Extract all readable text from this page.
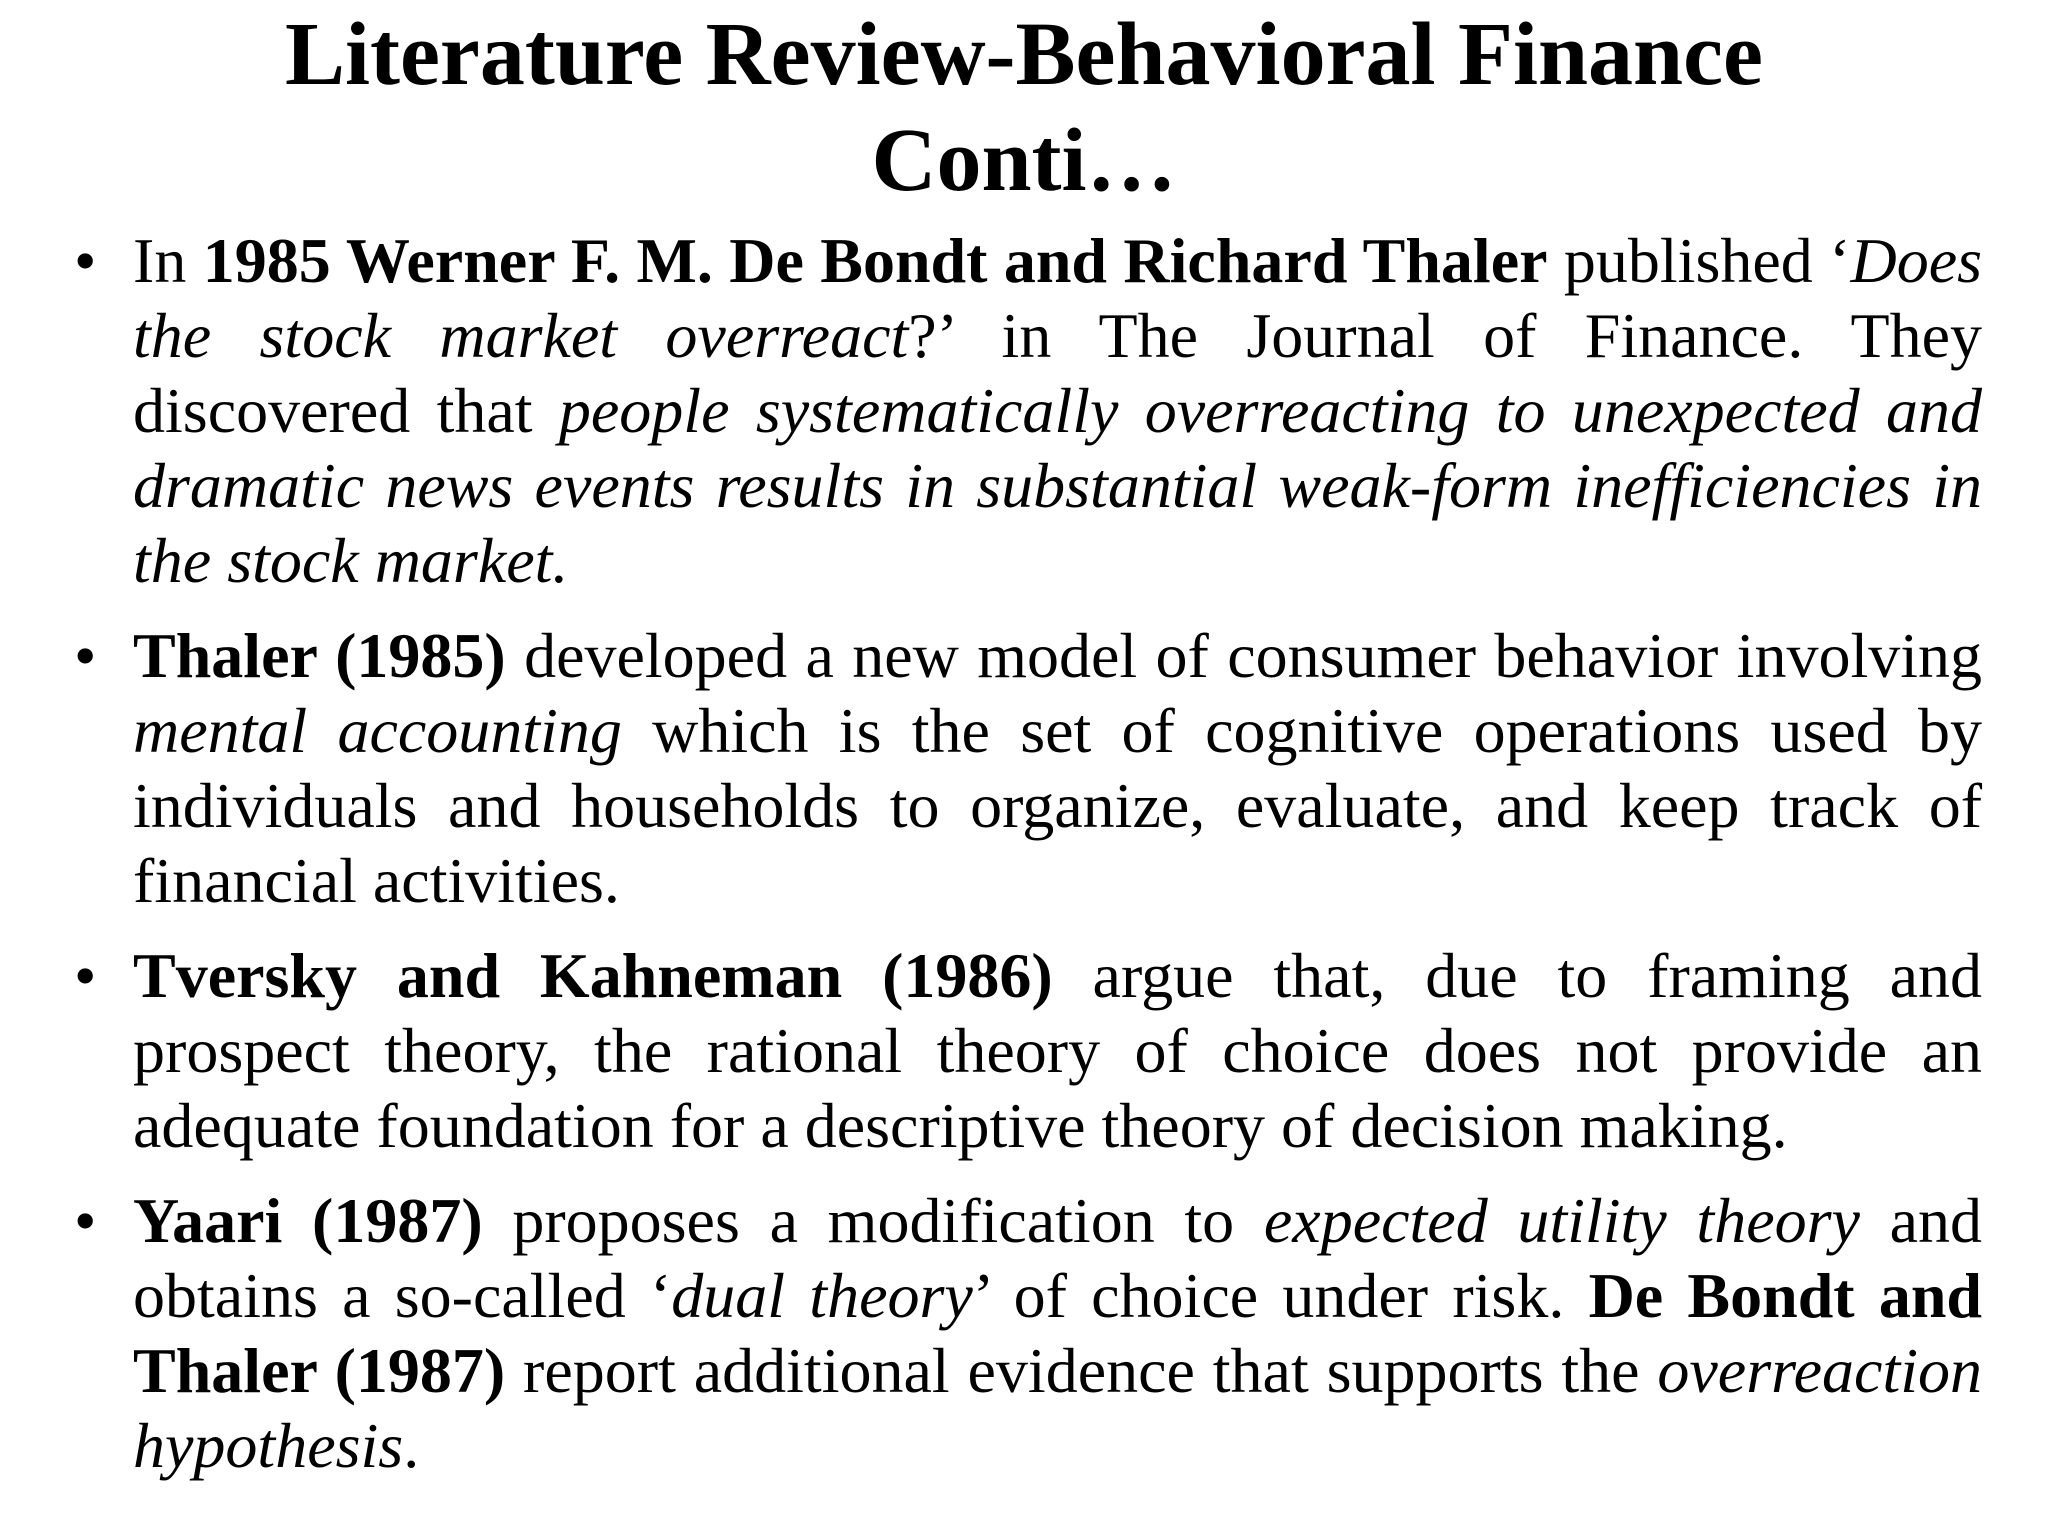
Literature Review-Behavioral Finance
Conti…
• In 1985 Werner F. M. De Bondt and Richard Thaler published ‘Does the stock market overreact?’ in The Journal of Finance. They discovered that people systematically overreacting to unexpected and dramatic news events results in substantial weak-form inefficiencies in the stock market.
• Thaler (1985) developed a new model of consumer behavior involving mental accounting which is the set of cognitive operations used by individuals and households to organize, evaluate, and keep track of financial activities.
• Tversky and Kahneman (1986) argue that, due to framing and prospect theory, the rational theory of choice does not provide an adequate foundation for a descriptive theory of decision making.
• Yaari (1987) proposes a modification to expected utility theory and obtains a so-called ‘dual theory’ of choice under risk. De Bondt and Thaler (1987) report additional evidence that supports the overreaction hypothesis.
